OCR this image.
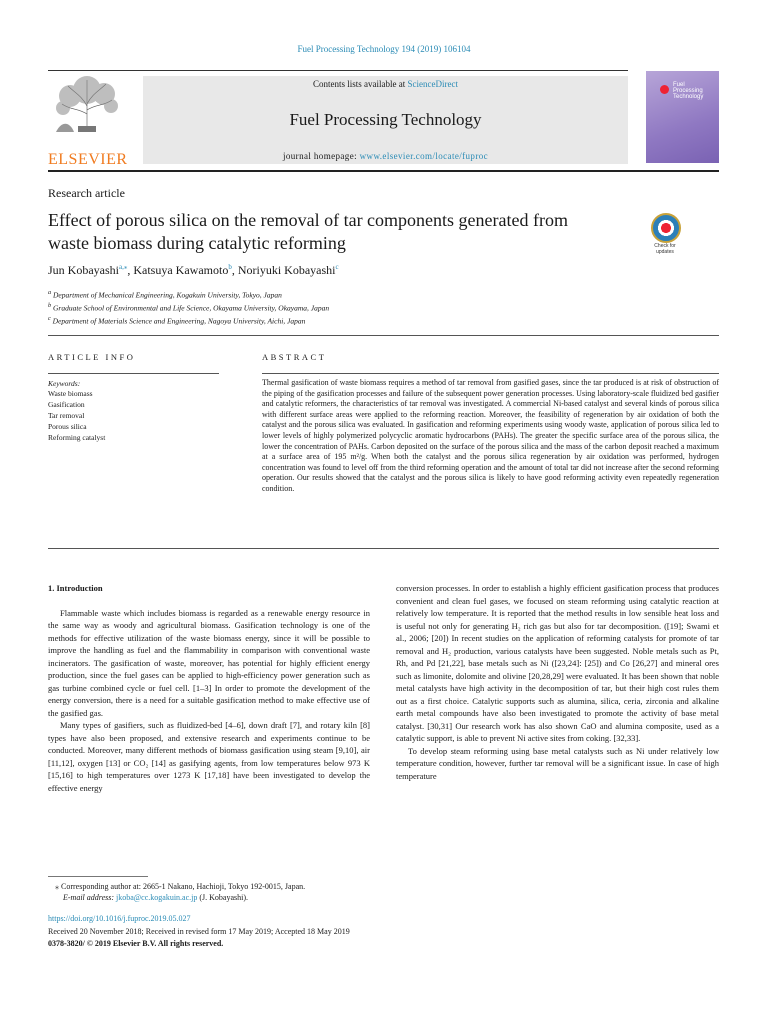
Fuel Processing Technology 194 (2019) 106104
ELSEVIER
Contents lists available at ScienceDirect
Fuel Processing Technology
journal homepage: www.elsevier.com/locate/fuproc
Fuel
Processing
Technology
Research article
Effect of porous silica on the removal of tar components generated from
waste biomass during catalytic reforming	Check for updates
Jun Kobayashi$^{a,⁎}$, Katsuya Kawamoto$^b$, Noriyuki Kobayashi$^c$
$^a$ Department of Mechanical Engineering, Kogakuin University, Tokyo, Japan
$^b$ Graduate School of Environmental and Life Science, Okayama University, Okayama, Japan
$^c$ Department of Materials Science and Engineering, Nagoya University, Aichi, Japan
ARTICLE INFO	ABSTRACT
Keywords:
Waste biomass
Gasification
Tar removal
Porous silica
Reforming catalyst
Thermal gasification of waste biomass requires a method of tar removal from gasified gases, since the tar produced is at risk of obstruction of the piping of the gasification processes and failure of the subsequent power generation processes. Using laboratory-scale fluidized bed gasifier and catalytic reformers, the characteristics of tar removal was investigated. A commercial Ni-based catalyst and several kinds of porous silica with different surface areas were applied to the reforming reaction. Moreover, the feasibility of regeneration by air oxidation of both the catalyst and the porous silica was evaluated. In gasification and reforming experiments using woody waste, application of porous silica led to lower levels of highly polymerized polycyclic aromatic hydrocarbons (PAHs). The greater the specific surface area of the porous silica, the lower the concentration of PAHs. Carbon deposited on the surface of the porous silica and the mass of the carbon deposit reached a maximum at a surface area of 195 m²/g. When both the catalyst and the porous silica regeneration by air oxidation was performed, hydrogen concentration was found to level off from the third reforming operation and the amount of total tar did not increase after the second reforming operation. Our results showed that the catalyst and the porous silica is likely to have good reforming activity even repeatedly regeneration condition.
1. Introduction

Flammable waste which includes biomass is regarded as a renewable energy resource in the same way as woody and agricultural biomass. Gasification technology is one of the methods for effective utilization of the waste biomass energy, since it will be possible to improve the handling as fuel and the flammability in comparison with conventional waste incinerators. The gasification of waste, moreover, has potential for highly efficient energy production, since the fuel gases can be applied to high-efficiency power generation such as gas turbine combined cycle or fuel cell. [1–3] In order to promote the development of the energy conversion, there is a need for a suitable gasification method to make effective use of the gasified gas.

Many types of gasifiers, such as fluidized-bed [4–6], down draft [7], and rotary kiln [8] types have also been proposed, and extensive research and experiments continue to be conducted. Moreover, many different methods of biomass gasification using steam [9,10], air [11,12], oxygen [13] or CO₂ [14] as gasifying agents, from low temperatures below 973 K [15,16] to high temperatures over 1273 K [17,18] have been investigated to develop the effective energy

conversion processes. In order to establish a highly efficient gasification process that produces convenient and clean fuel gases, we focused on steam reforming using catalytic reaction at relatively low temperature. It is reported that the method results in low sensible heat loss and is useful not only for generating H₂ rich gas but also for tar decomposition. ([19]; Swami et al., 2006; [20]) In recent studies on the application of reforming catalysts for promote of tar removal and H₂ production, various catalysts have been suggested. Noble metals such as Pt, Rh, and Pd [21,22], base metals such as Ni ([23,24]: [25]) and Co [26,27] and mineral ores such as limonite, dolomite and olivine [20,28,29] were evaluated. It has been shown that noble metal catalysts have high activity in the decomposition of tar, but their high cost rules them out as a first choice. Catalytic supports such as alumina, silica, ceria, zirconia and alkaline earth metal compounds have also been investigated to promote the activity of base metal catalyst. [30,31] Our research work has also shown CaO and alumina composite, used as a catalytic support, is able to prevent Ni active sites from coking. [32,33].

To develop steam reforming using base metal catalysts such as Ni under relatively low temperature condition, however, further tar removal will be a significant issue. In case of high temperature

⁎ Corresponding author at: 2665-1 Nakano, Hachioji, Tokyo 192-0015, Japan.
E-mail address: jkoba@cc.kogakuin.ac.jp (J. Kobayashi).
https://doi.org/10.1016/j.fuproc.2019.05.027
Received 20 November 2018; Received in revised form 17 May 2019; Accepted 18 May 2019
0378-3820/ © 2019 Elsevier B.V. All rights reserved.
